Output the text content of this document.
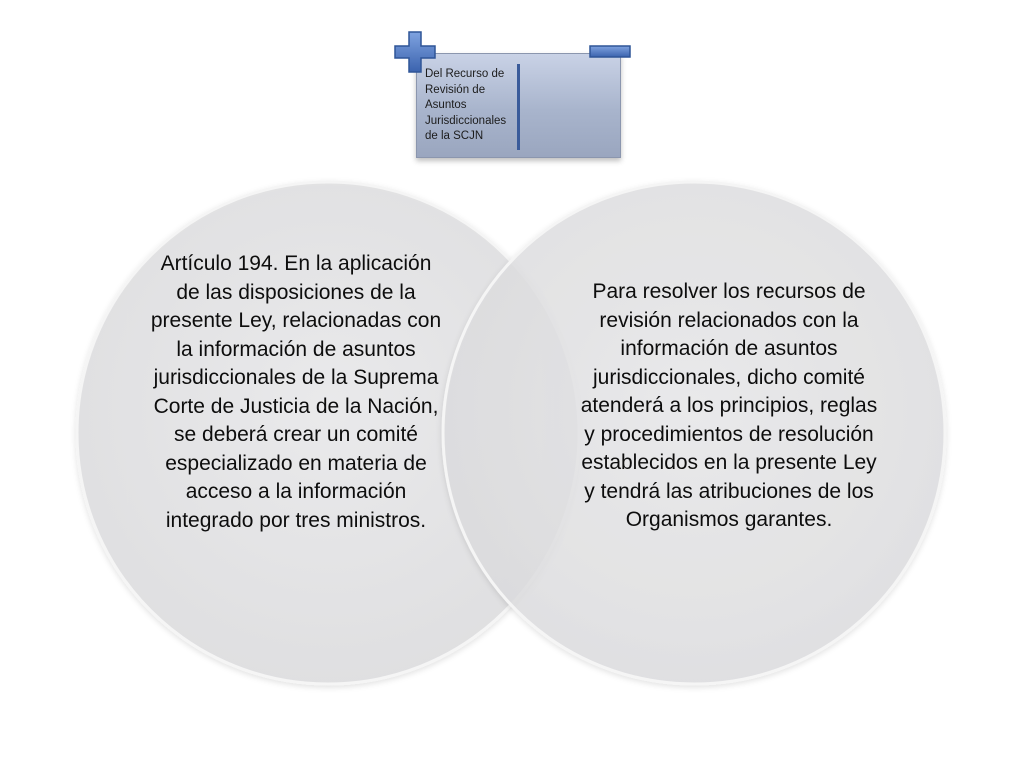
Del Recurso de Revisión de Asuntos Jurisdiccionales de la SCJN
Artículo 194. En la aplicación de las disposiciones de la presente Ley, relacionadas con la información de asuntos jurisdiccionales de la Suprema Corte de Justicia de la Nación, se deberá crear un comité especializado en materia de acceso a la información integrado por tres ministros.
Para resolver los recursos de revisión relacionados con la información de asuntos jurisdiccionales, dicho comité atenderá a los principios, reglas y procedimientos de resolución establecidos en la presente Ley y tendrá las atribuciones de los Organismos garantes.
